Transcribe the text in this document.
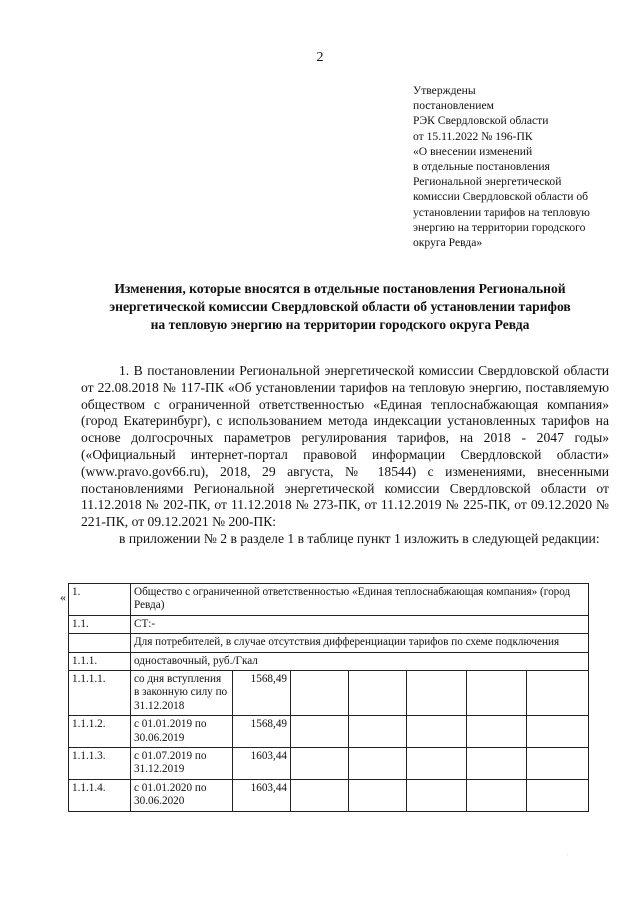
2
Утверждены
постановлением
РЭК Свердловской области
от 15.11.2022 № 196-ПК
«О внесении изменений
в отдельные постановления
Региональной энергетической
комиссии Свердловской области об
установлении тарифов на тепловую
энергию на территории городского
округа Ревда»
Изменения, которые вносятся в отдельные постановления Региональной
энергетической комиссии Свердловской области об установлении тарифов
на тепловую энергию на территории городского округа Ревда

1. В постановлении Региональной энергетической комиссии Свердловской области от 22.08.2018 № 117-ПК «Об установлении тарифов на тепловую энергию, поставляемую обществом с ограниченной ответственностью «Единая теплоснабжающая компания» (город Екатеринбург), с использованием метода индексации установленных тарифов на основе долгосрочных параметров регулирования тарифов, на 2018 - 2047 годы» («Официальный интернет-портал правовой информации Свердловской области» (www.pravo.gov66.ru), 2018, 29 августа, № 18544) с изменениями, внесенными постановлениями Региональной энергетической комиссии Свердловской области от 11.12.2018 № 202-ПК, от 11.12.2018 № 273-ПК, от 11.12.2019 № 225-ПК, от 09.12.2020 № 221-ПК, от 09.12.2021 № 200-ПК:

в приложении № 2 в разделе 1 в таблице пункт 1 изложить в следующей редакции:

« 1.	Общество с ограниченной ответственностью «Единая теплоснабжающая компания» (город Ревда)						
1.1.	СТ:-						
	Для потребителей, в случае отсутствия дифференциации тарифов по схеме подключения						
1.1.1.	одноставочный, руб./Гкал						
1.1.1.1.	со дня вступления в законную силу по 31.12.2018	1568,49					
1.1.1.2.	с 01.01.2019 по 30.06.2019	1568,49					
1.1.1.3.	с 01.07.2019 по 31.12.2019	1603,44					
1.1.1.4.	с 01.01.2020 по 30.06.2020	1603,44					
.
